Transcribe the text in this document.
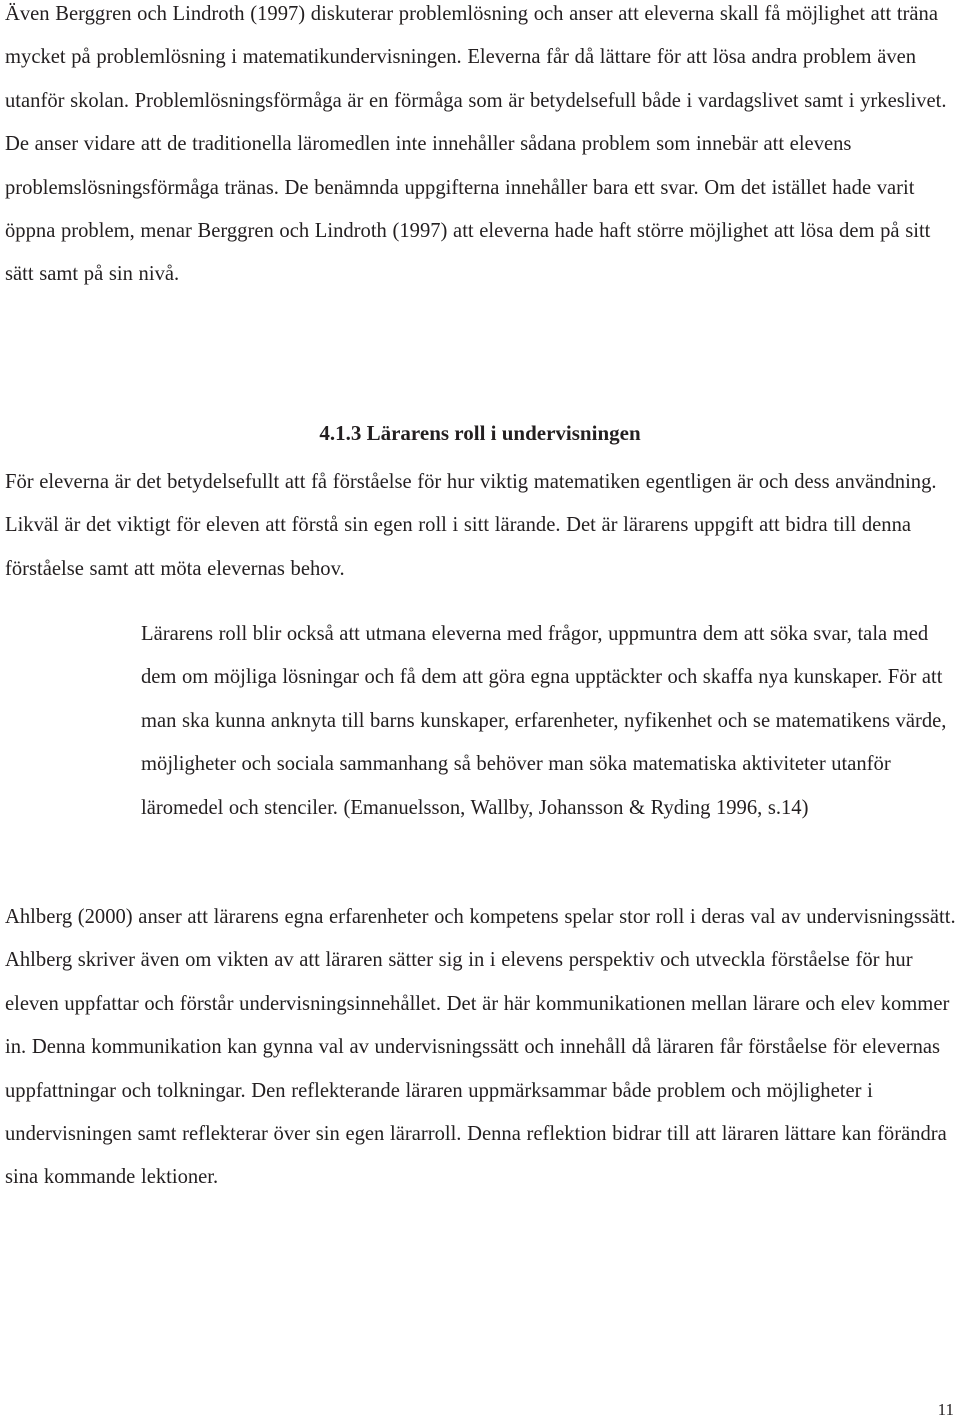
Även Berggren och Lindroth (1997) diskuterar problemlösning och anser att eleverna skall få möjlighet att träna mycket på problemlösning i matematikundervisningen. Eleverna får då lättare för att lösa andra problem även utanför skolan. Problemlösningsförmåga är en förmåga som är betydelsefull både i vardagslivet samt i yrkeslivet. De anser vidare att de traditionella läromedlen inte innehåller sådana problem som innebär att elevens problemslösningsförmåga tränas. De benämnda uppgifterna innehåller bara ett svar. Om det istället hade varit öppna problem, menar Berggren och Lindroth (1997) att eleverna hade haft större möjlighet att lösa dem på sitt sätt samt på sin nivå.

4.1.3 Lärarens roll i undervisningen

För eleverna är det betydelsefullt att få förståelse för hur viktig matematiken egentligen är och dess användning. Likväl är det viktigt för eleven att förstå sin egen roll i sitt lärande. Det är lärarens uppgift att bidra till denna förståelse samt att möta elevernas behov.

Lärarens roll blir också att utmana eleverna med frågor, uppmuntra dem att söka svar, tala med dem om möjliga lösningar och få dem att göra egna upptäckter och skaffa nya kunskaper. För att man ska kunna anknyta till barns kunskaper, erfarenheter, nyfikenhet och se matematikens värde, möjligheter och sociala sammanhang så behöver man söka matematiska aktiviteter utanför läromedel och stenciler. (Emanuelsson, Wallby, Johansson & Ryding 1996, s.14)

Ahlberg (2000) anser att lärarens egna erfarenheter och kompetens spelar stor roll i deras val av undervisningssätt. Ahlberg skriver även om vikten av att läraren sätter sig in i elevens perspektiv och utveckla förståelse för hur eleven uppfattar och förstår undervisningsinnehållet. Det är här kommunikationen mellan lärare och elev kommer in. Denna kommunikation kan gynna val av undervisningssätt och innehåll då läraren får förståelse för elevernas uppfattningar och tolkningar. Den reflekterande läraren uppmärksammar både problem och möjligheter i undervisningen samt reflekterar över sin egen lärarroll. Denna reflektion bidrar till att läraren lättare kan förändra sina kommande lektioner.

11
